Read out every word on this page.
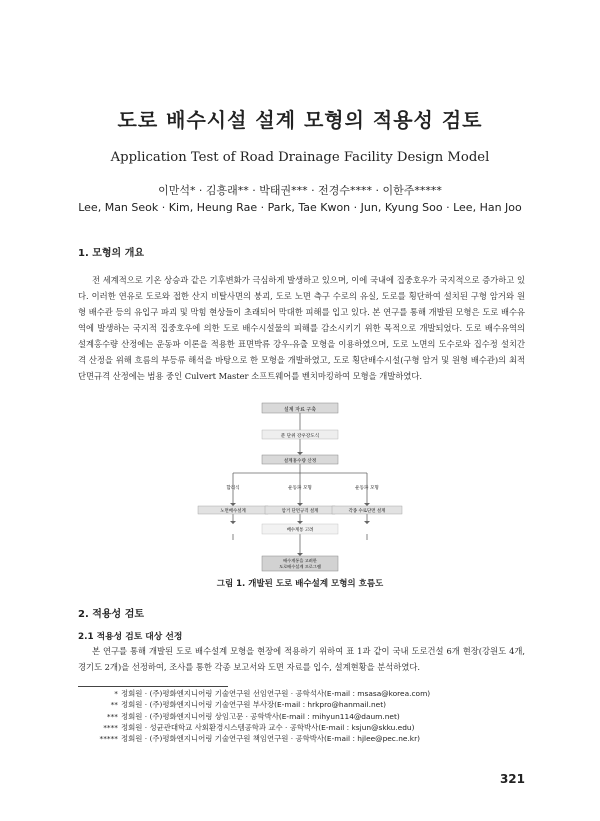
도로 배수시설 설계 모형의 적용성 검토
Application Test of Road Drainage Facility Design Model
이만석* · 김흥래** · 박태권*** · 전경수**** · 이한주*****
Lee, Man Seok · Kim, Heung Rae · Park, Tae Kwon · Jun, Kyung Soo · Lee, Han Joo
1. 모형의 개요

전 세계적으로 기온 상승과 같은 기후변화가 극심하게 발생하고 있으며, 이에 국내에 집중호우가 국지적으로 증가하고 있다. 이러한 연유로 도로와 접한 산지 비탈사면의 붕괴, 도로 노면 측구 수로의 유실, 도로를 횡단하여 설치된 구형 암거와 원형 배수관 등의 유입구 파괴 및 막힘 현상들이 초래되어 막대한 피해를 입고 있다. 본 연구를 통해 개발된 모형은 도로 배수유역에 발생하는 국지적 집중호우에 의한 도로 배수시설물의 피해를 감소시키기 위한 목적으로 개발되었다. 도로 배수유역의 설계홍수량 산정에는 운동파 이론을 적용한 표면박류 강우-유출 모형을 이용하였으며, 도로 노면의 도수로와 집수정 설치간격 산정을 위해 흐름의 부등류 해석을 바탕으로 한 모형을 개발하였고, 도로 횡단배수시설(구형 암거 및 원형 배수관)의 최적 단면규격 산정에는 범용 중인 Culvert Master 소프트웨어를 벤치마킹하여 모형을 개발하였다.

설계 자료 구축
분 단위 강우강도식
설계홍수량 산정
합리식	운동파 모형	운동파 모형
노면배수설계	암거 단면규격 설계	각종 수로단면 설계
배수계통 고려
배수계통을 고려한
도로배수설계 프로그램
그림 1. 개발된 도로 배수설계 모형의 흐름도
2. 적용성 검토
2.1 적용성 검토 대상 선정

본 연구를 통해 개발된 도로 배수설계 모형을 현장에 적용하기 위하여 표 1과 같이 국내 도로건설 6개 현장(강원도 4개, 경기도 2개)을 선정하여, 조사를 통한 각종 보고서와 도면 자료를 입수, 설계현황을 분석하였다.

* 정회원 · (주)평화엔지니어링 기술연구원 선임연구원 · 공학석사(E-mail : msasa@korea.com)
** 정회원 · (주)평화엔지니어링 기술연구원 부사장(E-mail : hrkpro@hanmail.net)
*** 정회원 · (주)평화엔지니어링 상임고문 · 공학박사(E-mail : mihyun114@daum.net)
**** 정회원 · 성균관대학교 사회환경시스템공학과 교수 · 공학박사(E-mail : ksjun@skku.edu)
***** 정회원 · (주)평화엔지니어링 기술연구원 책임연구원 · 공학박사(E-mail : hjlee@pec.ne.kr)
321
